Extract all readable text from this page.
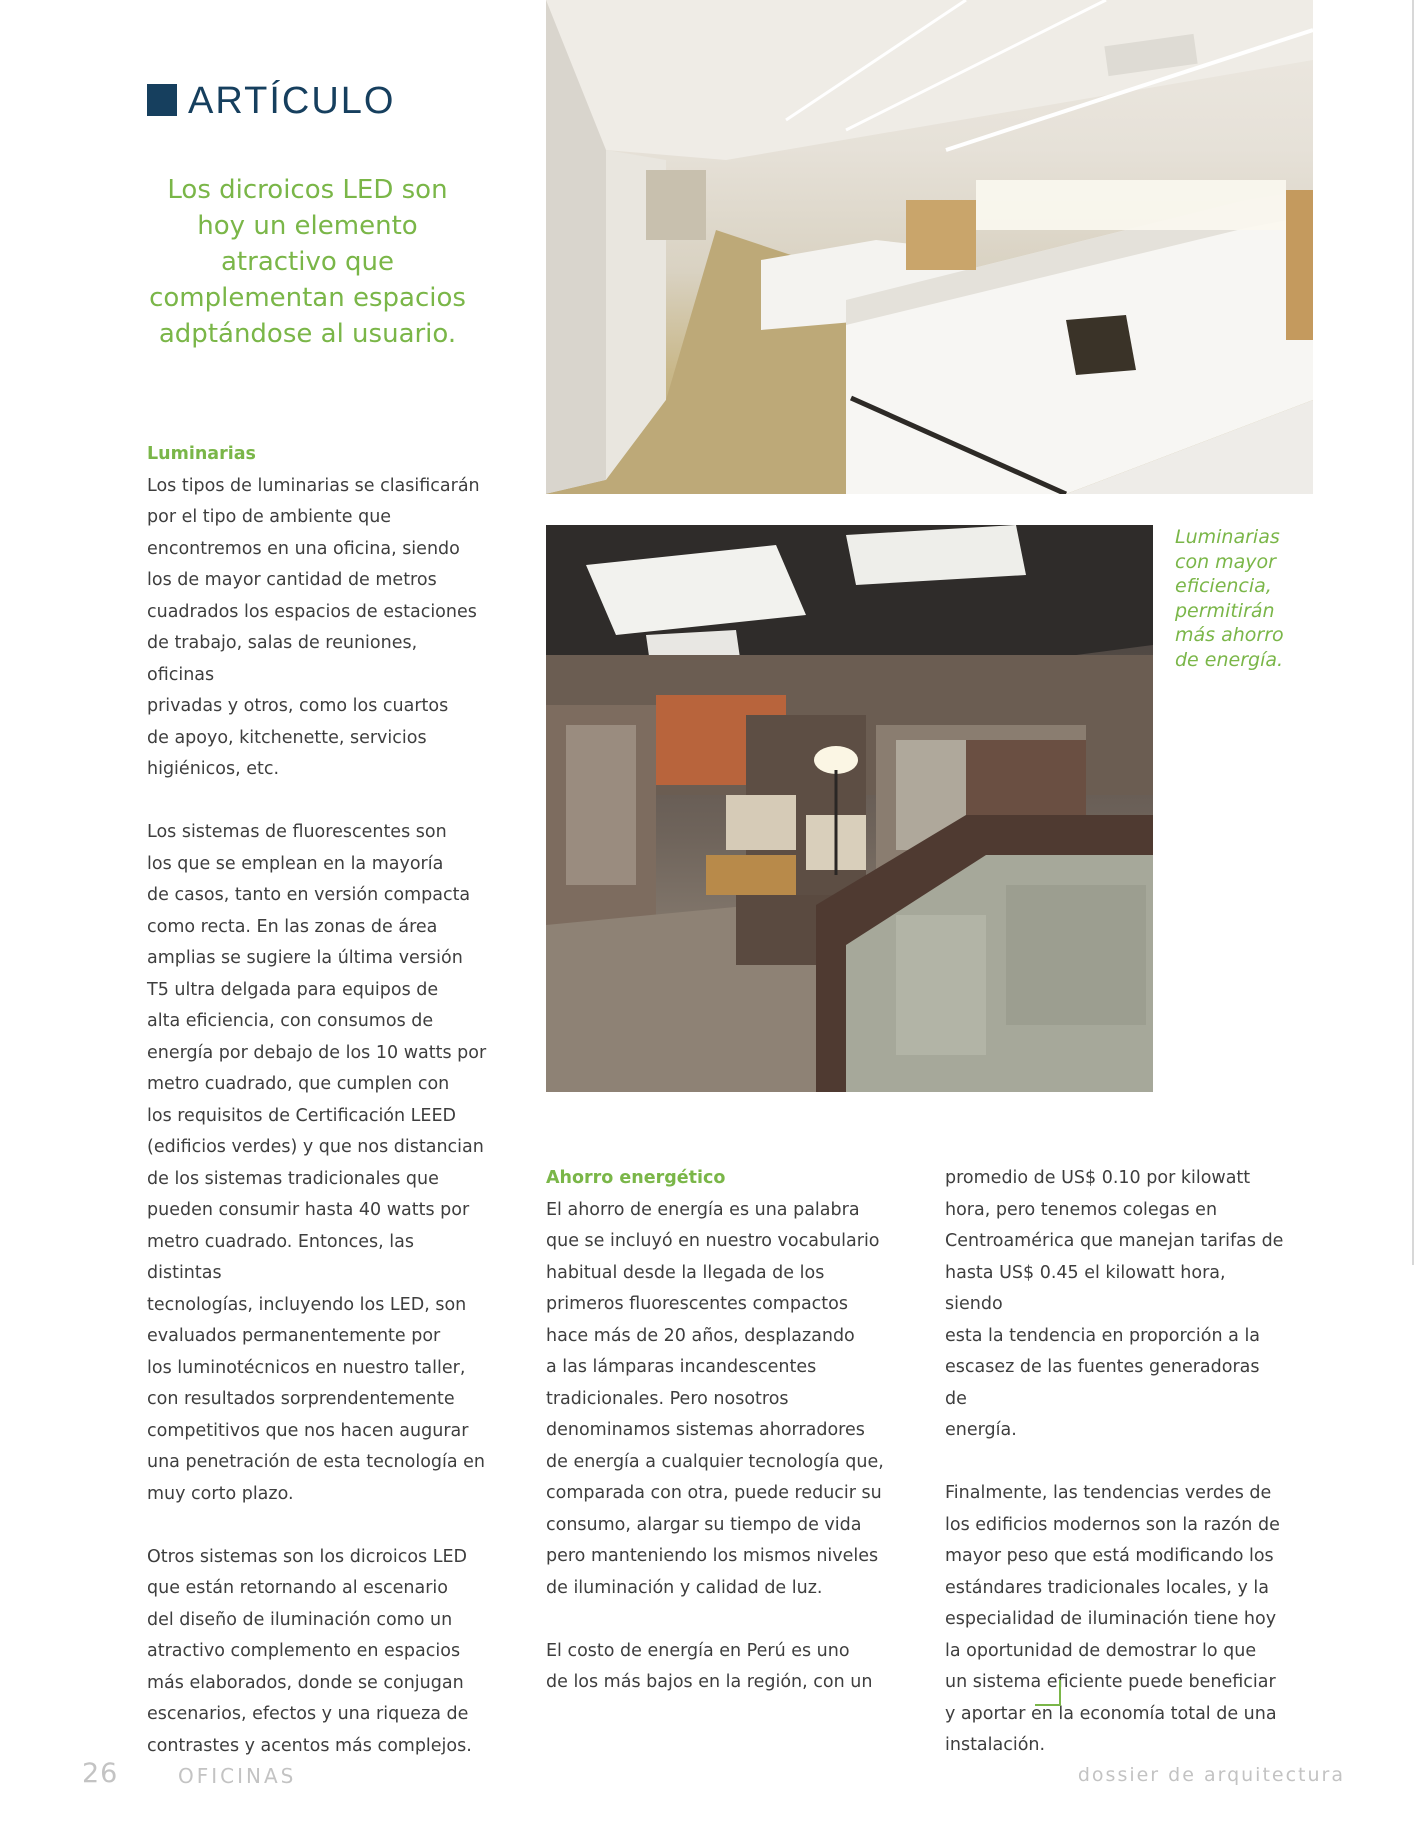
ARTÍCULO
Los dicroicos LED son hoy un elemento atractivo que complementan espacios adptándose al usuario.
Luminarias

Los tipos de luminarias se clasificarán
por el tipo de ambiente que
encontremos en una oficina, siendo
los de mayor cantidad de metros
cuadrados los espacios de estaciones
de trabajo, salas de reuniones, oficinas
privadas y otros, como los cuartos
de apoyo, kitchenette, servicios
higiénicos, etc.

Los sistemas de fluorescentes son
los que se emplean en la mayoría
de casos, tanto en versión compacta
como recta. En las zonas de área
amplias se sugiere la última versión
T5 ultra delgada para equipos de
alta eficiencia, con consumos de
energía por debajo de los 10 watts por
metro cuadrado, que cumplen con
los requisitos de Certificación LEED
(edificios verdes) y que nos distancian
de los sistemas tradicionales que
pueden consumir hasta 40 watts por
metro cuadrado. Entonces, las distintas
tecnologías, incluyendo los LED, son
evaluados permanentemente por
los luminotécnicos en nuestro taller,
con resultados sorprendentemente
competitivos que nos hacen augurar
una penetración de esta tecnología en
muy corto plazo.

Otros sistemas son los dicroicos LED
que están retornando al escenario
del diseño de iluminación como un
atractivo complemento en espacios
más elaborados, donde se conjugan
escenarios, efectos y una riqueza de
contrastes y acentos más complejos.

Luminarias
con mayor
eficiencia,
permitirán
más ahorro
de energía.
Ahorro energético

El ahorro de energía es una palabra
que se incluyó en nuestro vocabulario
habitual desde la llegada de los
primeros fluorescentes compactos
hace más de 20 años, desplazando
a las lámparas incandescentes
tradicionales. Pero nosotros
denominamos sistemas ahorradores
de energía a cualquier tecnología que,
comparada con otra, puede reducir su
consumo, alargar su tiempo de vida
pero manteniendo los mismos niveles
de iluminación y calidad de luz.

El costo de energía en Perú es uno
de los más bajos en la región, con un

promedio de US$ 0.10 por kilowatt
hora, pero tenemos colegas en
Centroamérica que manejan tarifas de
hasta US$ 0.45 el kilowatt hora, siendo
esta la tendencia en proporción a la
escasez de las fuentes generadoras de
energía.

Finalmente, las tendencias verdes de
los edificios modernos son la razón de
mayor peso que está modificando los
estándares tradicionales locales, y la
especialidad de iluminación tiene hoy
la oportunidad de demostrar lo que
un sistema eficiente puede beneficiar
y aportar en la economía total de una
instalación.

26	OFICINAS	dossier de arquitectura
